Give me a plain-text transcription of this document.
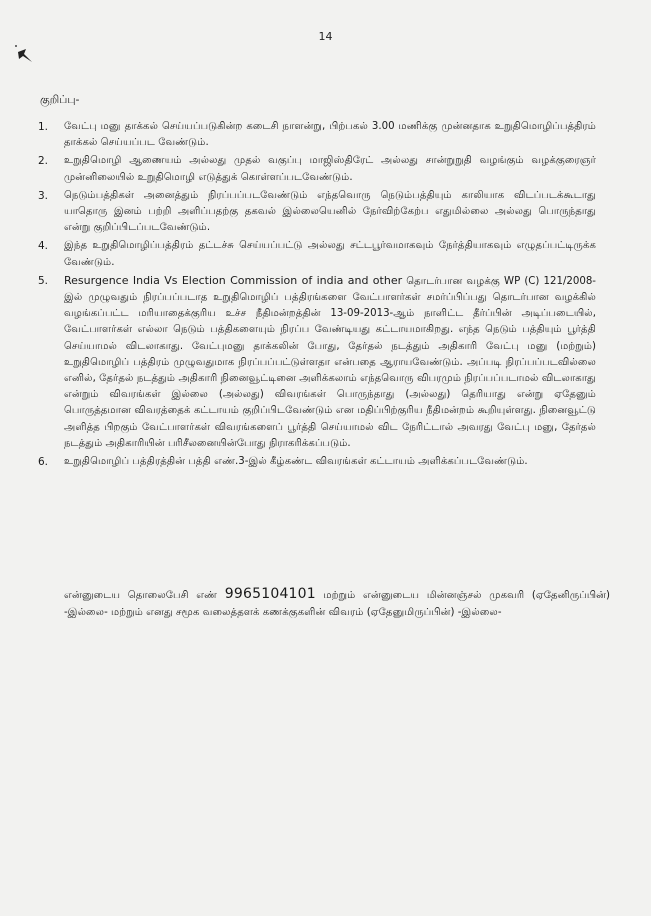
14
குறிப்பு-
1. வேட்பு மனு தாக்கல் செய்யப்படுகின்ற கடைசி நாளன்று, பிற்பகல் 3.00 மணிக்கு முன்னதாக உறுதிமொழிப்பத்திரம் தாக்கல் செய்யப்பட வேண்டும்.
2. உறுதிமொழி ஆணையம் அல்லது முதல் வகுப்பு மாஜிஸ்திரேட் அல்லது சான்றுறுதி வழங்கும் வழக்குரைஞர் முன்னிலையில் உறுதிமொழி எடுத்துக் கொள்ளப்படவேண்டும்.
3. நெடும்பத்திகள் அனைத்தும் நிரப்பப்படவேண்டும் எந்தவொரு நெடும்பத்தியும் காலியாக விடப்படக்கூடாது யாதொரு இனம் பற்றி அளிப்பதற்கு தகவல் இல்லையெனில் நேர்விற்கேற்ப எதுமில்லை அல்லது பொருந்தாது என்று குறிப்பிடப்படவேண்டும்.
4. இந்த உறுதிமொழிப்பத்திரம் தட்டச்சு செய்யப்பட்டு அல்லது சட்டபூர்வமாகவும் நேர்த்தியாகவும் எழுதப்பட்டிருக்க வேண்டும்.
5. Resurgence India Vs Election Commission of india and other தொடர்பான வழக்கு WP (C) 121/2008-இல் முழுவதும் நிரப்பப்படாத உறுதிமொழிப் பத்திரங்களை வேட்பாளர்கள் சமர்ப்பிப்பது தொடர்பான வழக்கில் வழங்கப்பட்ட மரியாதைக்குரிய உச்ச நீதிமன்றத்தின் 13-09-2013-ஆம் நாளிட்ட தீர்ப்பின் அடிப்படையில், வேட்பாளர்கள் எல்லா நெடும் பத்திகளையும் நிரப்ப வேண்டியது கட்டாயமாகிறது. எந்த நெடும் பத்தியும் பூர்த்தி செய்யாமல் விடலாகாது. வேட்புமனு தாக்கலின் போது, தேர்தல் நடத்தும் அதிகாரி வேட்பு மனு (மற்றும்) உறுதிமொழிப் பத்திரம் முழுவதுமாக நிரப்பப்பட்டுள்ளதா என்பதை ஆராயவேண்டும். அப்படி நிரப்பப்படவில்லை எனில், தேர்தல் நடத்தும் அதிகாரி நினைவூட்டினை அளிக்கலாம் எந்தவொரு விபரமும் நிரப்பப்படாமல் விடலாகாது என்றும் விவரங்கள் இல்லை (அல்லது) விவரங்கள் பொருந்தாது (அல்லது) தெரியாது என்று ஏதேனும் பொருத்தமான விவரத்தைக் கட்டாயம் குறிப்பிடவேண்டும் என மதிப்பிற்குரிய நீதிமன்றம் கூறியுள்ளது. நினைவூட்டு அளித்த பிறகும் வேட்பாளர்கள் விவரங்களைப் பூர்த்தி செய்யாமல் விட நேரிட்டால் அவரது வேட்பு மனு, தேர்தல் நடத்தும் அதிகாரியின் பரிசீலனையின்போது நிராகரிக்கப்படும்.
6. உறுதிமொழிப் பத்திரத்தின் பத்தி எண்.3-இல் கீழ்கண்ட விவரங்கள் கட்டாயம் அளிக்கப்படவேண்டும்.
என்னுடைய தொலைபேசி எண் 9965104101 மற்றும் என்னுடைய மின்னஞ்சல் முகவரி (ஏதேனிருப்பின்) -இல்லை- மற்றும் எனது சமூக வலைத்தளக் கணக்குகளின் விவரம் (ஏதேனுமிருப்பின்) -இல்லை-
